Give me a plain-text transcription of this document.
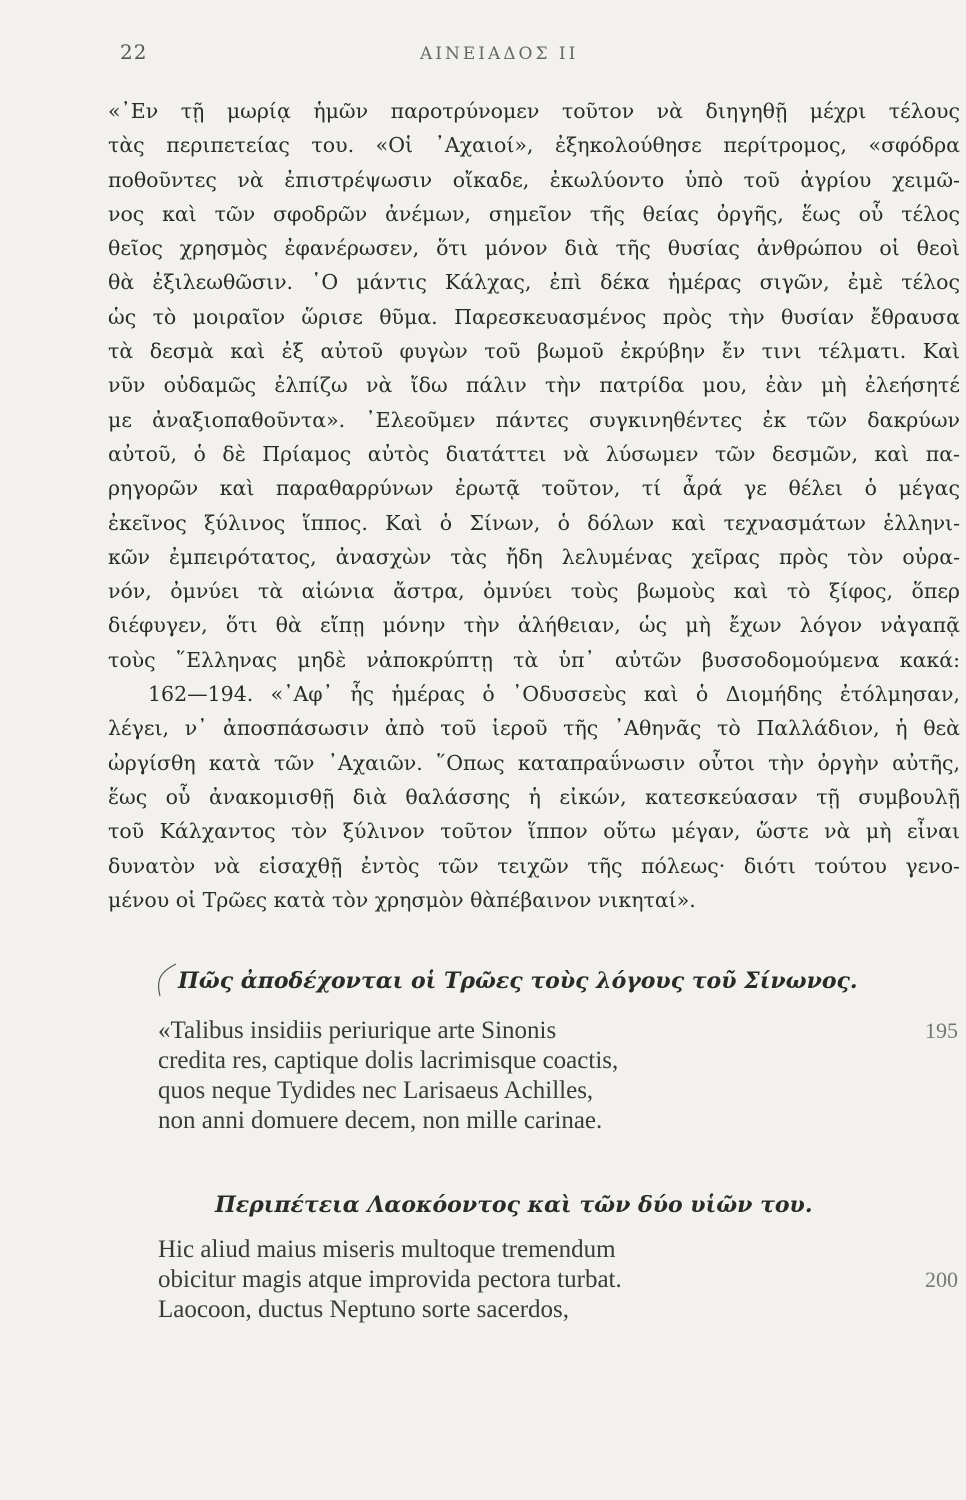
22	ΑΙΝΕΙΑΔΟΣ II
«᾿Εν τῇ μωρίᾳ ἡμῶν παροτρύνομεν τοῦτον νὰ διηγηθῇ μέχρι τέλους
τὰς περιπετείας του. «Οἱ ᾿Αχαιοί», ἐξηκολούθησε περίτρομος, «σφόδρα
ποθοῦντες νὰ ἐπιστρέψωσιν οἴκαδε, ἐκωλύοντο ὑπὸ τοῦ ἀγρίου χειμῶ-
νος καὶ τῶν σφοδρῶν ἀνέμων, σημεῖον τῆς θείας ὀργῆς, ἕως οὗ τέλος
θεῖος χρησμὸς ἐφανέρωσεν, ὅτι μόνον διὰ τῆς θυσίας ἀνθρώπου οἱ θεοὶ
θὰ ἐξιλεωθῶσιν. ῾Ο μάντις Κάλχας, ἐπὶ δέκα ἡμέρας σιγῶν, ἐμὲ τέλος
ὡς τὸ μοιραῖον ὥρισε θῦμα. Παρεσκευασμένος πρὸς τὴν θυσίαν ἔθραυσα
τὰ δεσμὰ καὶ ἐξ αὐτοῦ φυγὼν τοῦ βωμοῦ ἐκρύβην ἔν τινι τέλματι. Καὶ
νῦν οὐδαμῶς ἐλπίζω νὰ ἴδω πάλιν τὴν πατρίδα μου, ἐὰν μὴ ἐλεήσητέ
με ἀναξιοπαθοῦντα». ᾿Ελεοῦμεν πάντες συγκινηθέντες ἐκ τῶν δακρύων
αὐτοῦ, ὁ δὲ Πρίαμος αὐτὸς διατάττει νὰ λύσωμεν τῶν δεσμῶν, καὶ πα-
ρηγορῶν καὶ παραθαρρύνων ἐρωτᾷ τοῦτον, τί ἆρά γε θέλει ὁ μέγας
ἐκεῖνος ξύλινος ἵππος. Καὶ ὁ Σίνων, ὁ δόλων καὶ τεχνασμάτων ἑλληνι-
κῶν ἐμπειρότατος, ἀνασχὼν τὰς ἤδη λελυμένας χεῖρας πρὸς τὸν οὐρα-
νόν, ὀμνύει τὰ αἰώνια ἄστρα, ὀμνύει τοὺς βωμοὺς καὶ τὸ ξίφος, ὅπερ
διέφυγεν, ὅτι θὰ εἴπῃ μόνην τὴν ἀλήθειαν, ὡς μὴ ἔχων λόγον νἀγαπᾷ
τοὺς ῞Ελληνας μηδὲ νἀποκρύπτῃ τὰ ὑπ᾿ αὐτῶν βυσσοδομούμενα κακά:
162—194. «᾿Αφ᾿ ἧς ἡμέρας ὁ ᾿Οδυσσεὺς καὶ ὁ Διομήδης ἐτόλμησαν,
λέγει, ν᾿ ἀποσπάσωσιν ἀπὸ τοῦ ἱεροῦ τῆς ᾿Αθηνᾶς τὸ Παλλάδιον, ἡ θεὰ
ὠργίσθη κατὰ τῶν ᾿Αχαιῶν. ῞Οπως καταπραΰνωσιν οὗτοι τὴν ὀργὴν αὐτῆς,
ἕως οὗ ἀνακομισθῇ διὰ θαλάσσης ἡ εἰκών, κατεσκεύασαν τῇ συμβουλῇ
τοῦ Κάλχαντος τὸν ξύλινον τοῦτον ἵππον οὕτω μέγαν, ὥστε νὰ μὴ εἶναι
δυνατὸν νὰ εἰσαχθῇ ἐντὸς τῶν τειχῶν τῆς πόλεως· διότι τούτου γενο-
μένου οἱ Τρῶες κατὰ τὸν χρησμὸν θὰπέβαινον νικηταί».
Πῶς ἀποδέχονται οἱ Τρῶες τοὺς λόγους τοῦ Σίνωνος.
«Talibus insidiis periurique arte Sinonis	195
credita res, captique dolis lacrimisque coactis,
quos neque Tydides nec Larisaeus Achilles,
non anni domuere decem, non mille carinae.
Περιπέτεια Λαοκόοντος καὶ τῶν δύο υἱῶν του.
Hic aliud maius miseris multoque tremendum
obicitur magis atque improvida pectora turbat.	200
Laocoon, ductus Neptuno sorte sacerdos,
